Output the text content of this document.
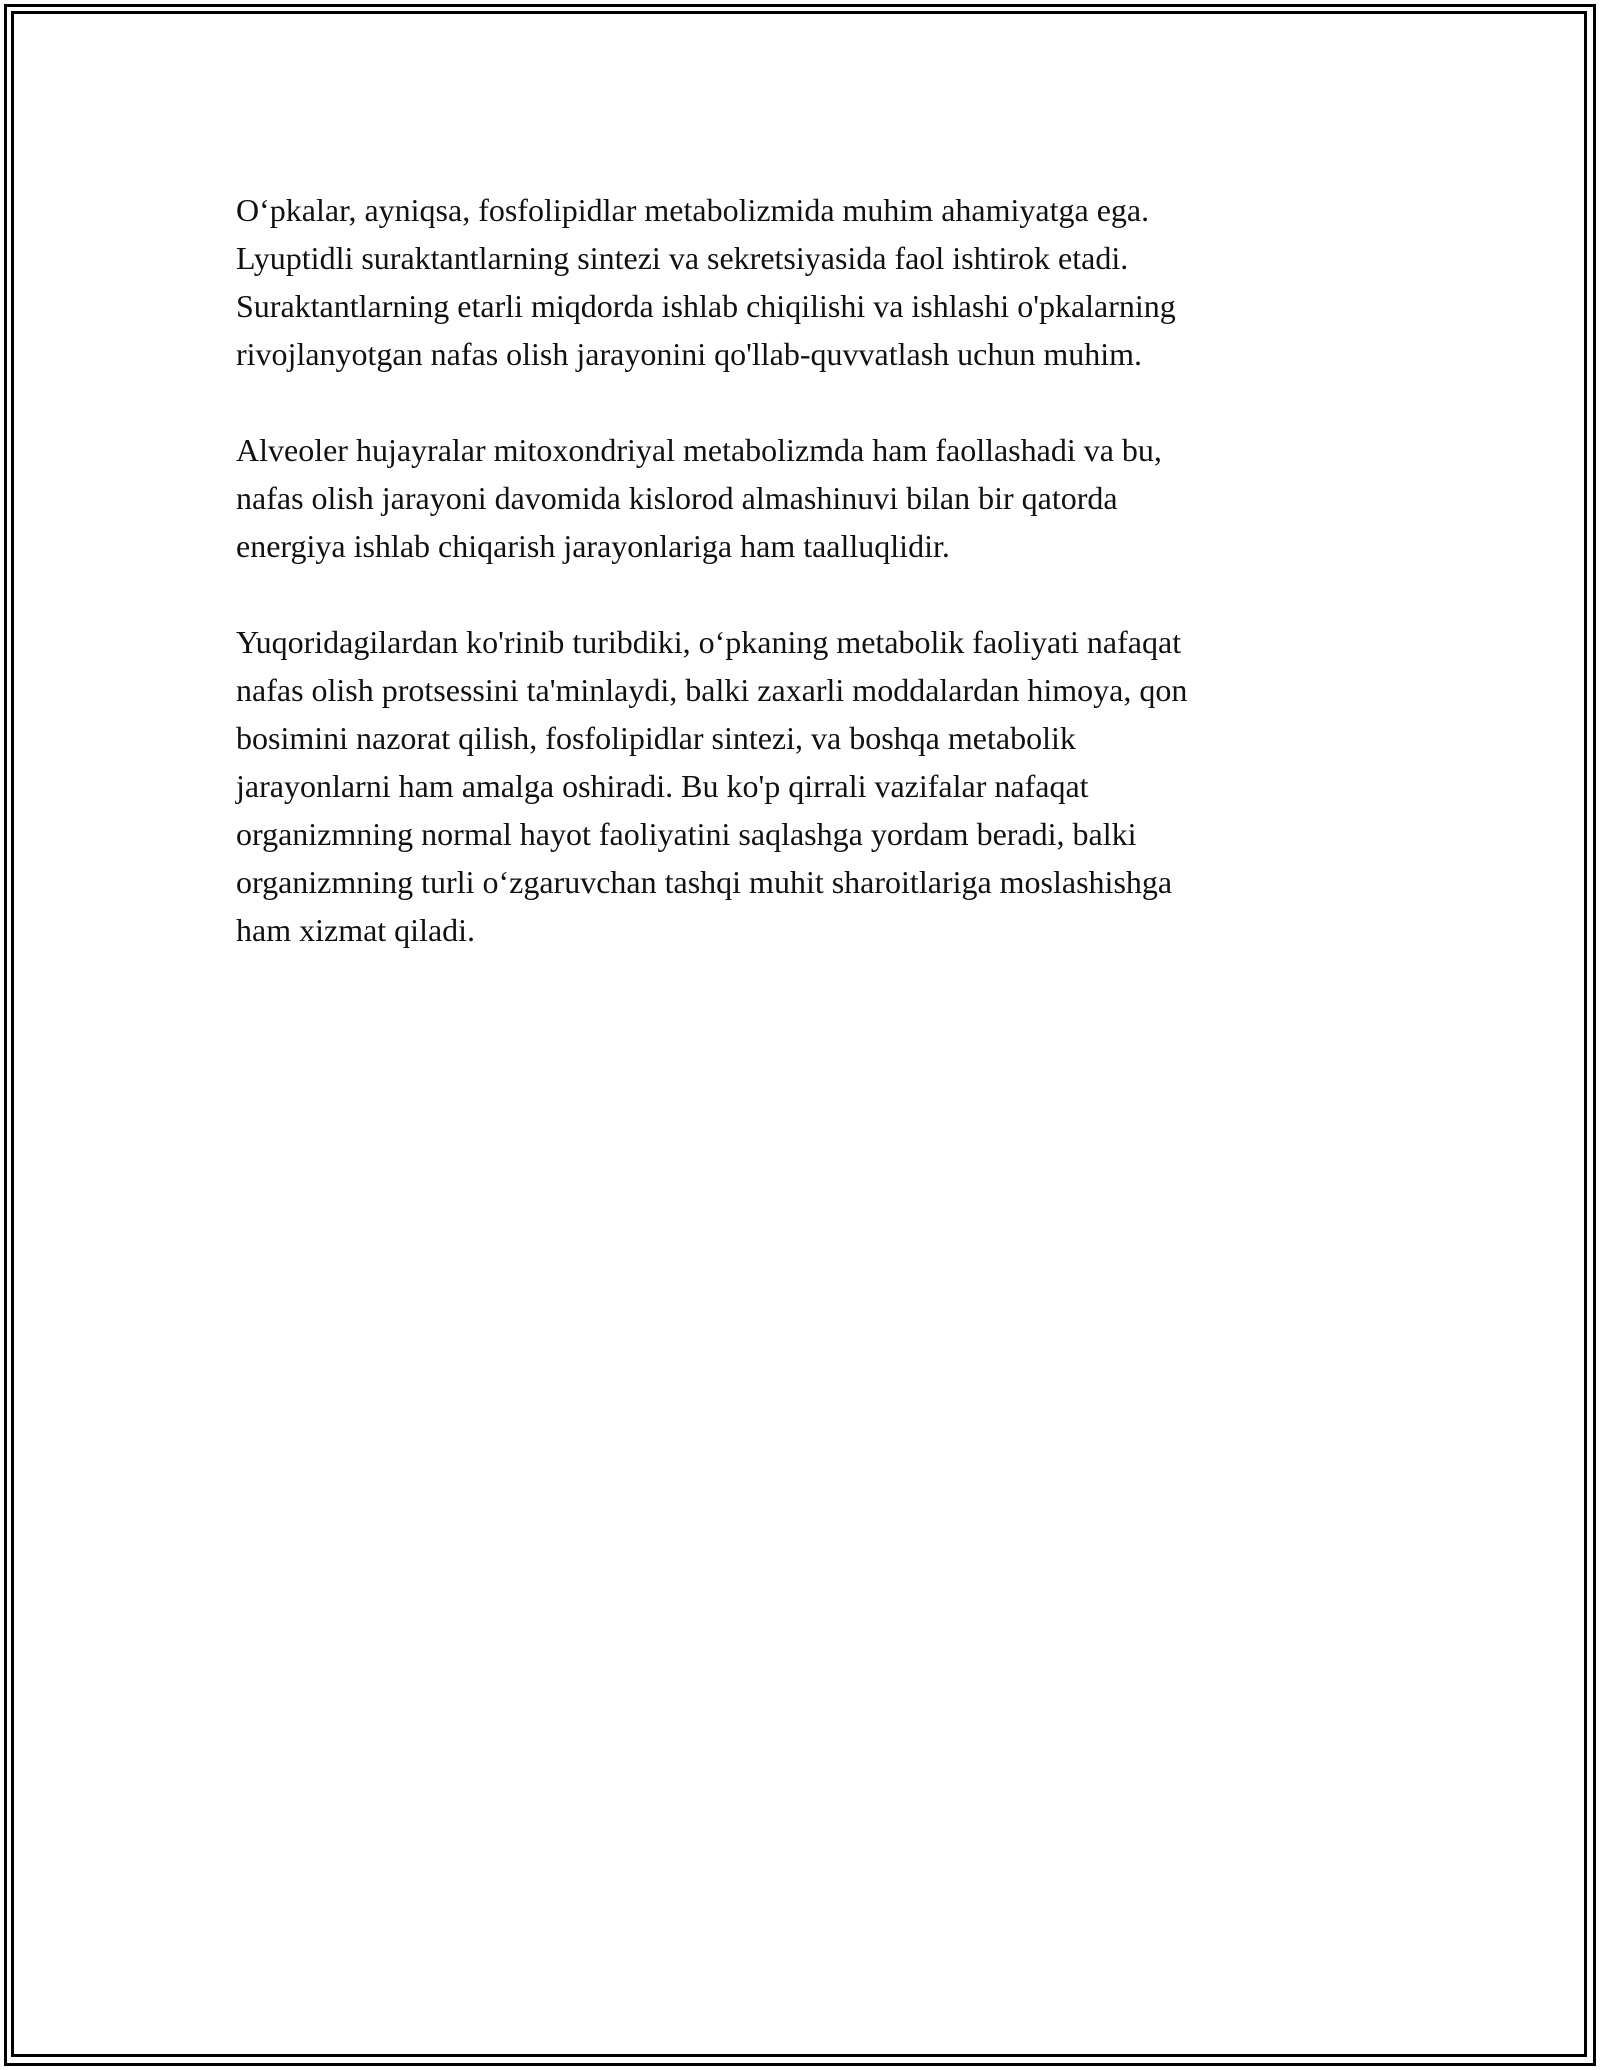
O‘pkalar, ayniqsa, fosfolipidlar metabolizmida muhim ahamiyatga ega.
Lyuptidli suraktantlarning sintezi va sekretsiyasida faol ishtirok etadi.
Suraktantlarning etarli miqdorda ishlab chiqilishi va ishlashi o'pkalarning
rivojlanyotgan nafas olish jarayonini qo'llab-quvvatlash uchun muhim.

Alveoler hujayralar mitoxondriyal metabolizmda ham faollashadi va bu,
nafas olish jarayoni davomida kislorod almashinuvi bilan bir qatorda
energiya ishlab chiqarish jarayonlariga ham taalluqlidir.

Yuqoridagilardan ko'rinib turibdiki, o‘pkaning metabolik faoliyati nafaqat
nafas olish protsessini ta'minlaydi, balki zaxarli moddalardan himoya, qon
bosimini nazorat qilish, fosfolipidlar sintezi, va boshqa metabolik
jarayonlarni ham amalga oshiradi. Bu ko'p qirrali vazifalar nafaqat
organizmning normal hayot faoliyatini saqlashga yordam beradi, balki
organizmning turli o‘zgaruvchan tashqi muhit sharoitlariga moslashishga
ham xizmat qiladi.
